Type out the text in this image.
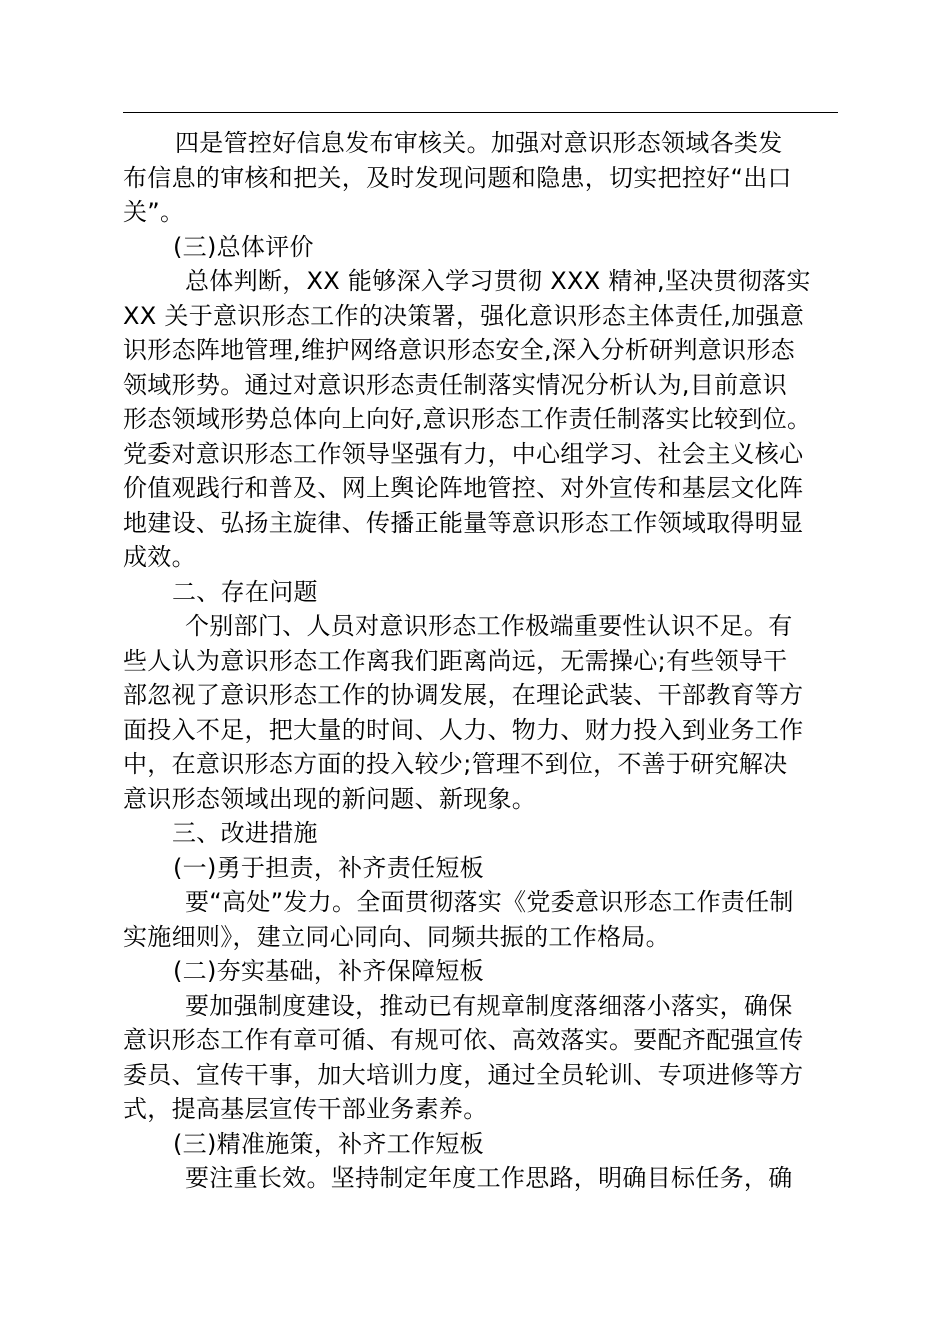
四是管控好信息发布审核关。加强对意识形态领域各类发
布信息的审核和把关，及时发现问题和隐患，切实把控好“出口
关”。
(三)总体评价
总体判断，XX 能够深入学习贯彻 XXX 精神,坚决贯彻落实
XX 关于意识形态工作的决策署，强化意识形态主体责任,加强意
识形态阵地管理,维护网络意识形态安全,深入分析研判意识形态
领域形势。通过对意识形态责任制落实情况分析认为,目前意识
形态领域形势总体向上向好,意识形态工作责任制落实比较到位。
党委对意识形态工作领导坚强有力，中心组学习、社会主义核心
价值观践行和普及、网上舆论阵地管控、对外宣传和基层文化阵
地建设、弘扬主旋律、传播正能量等意识形态工作领域取得明显
成效。
二、存在问题
个别部门、人员对意识形态工作极端重要性认识不足。有
些人认为意识形态工作离我们距离尚远，无需操心;有些领导干
部忽视了意识形态工作的协调发展，在理论武装、干部教育等方
面投入不足，把大量的时间、人力、物力、财力投入到业务工作
中，在意识形态方面的投入较少;管理不到位，不善于研究解决
意识形态领域出现的新问题、新现象。
三、改进措施
(一)勇于担责，补齐责任短板
要“高处”发力。全面贯彻落实《党委意识形态工作责任制
实施细则》，建立同心同向、同频共振的工作格局。
(二)夯实基础，补齐保障短板
要加强制度建设，推动已有规章制度落细落小落实，确保
意识形态工作有章可循、有规可依、高效落实。要配齐配强宣传
委员、宣传干事，加大培训力度，通过全员轮训、专项进修等方
式，提高基层宣传干部业务素养。
(三)精准施策，补齐工作短板
要注重长效。坚持制定年度工作思路，明确目标任务，确
